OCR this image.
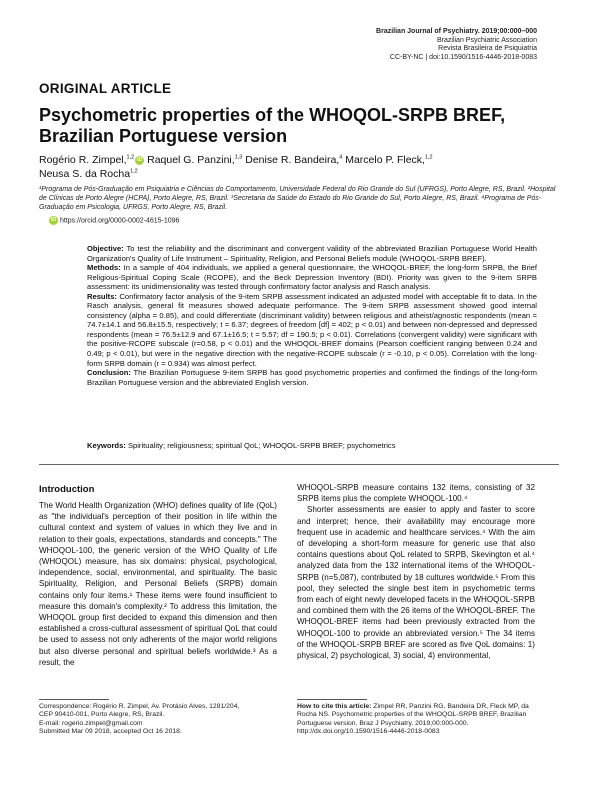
Brazilian Journal of Psychiatry. 2019;00:000–000
Brazilian Psychiatric Association
Revista Brasileira de Psiquiatria
CC-BY-NC | doi:10.1590/1516-4446-2018-0083
ORIGINAL ARTICLE
Psychometric properties of the WHOQOL-SRPB BREF, Brazilian Portuguese version
Rogério R. Zimpel,$^{1,2}$ iD Raquel G. Panzini,$^{1,3}$ Denise R. Bandeira,$^4$ Marcelo P. Fleck,$^{1,2}$
Neusa S. da Rocha$^{1,2}$
¹Programa de Pós-Graduação em Psiquiatria e Ciências do Comportamento, Universidade Federal do Rio Grande do Sul (UFRGS), Porto Alegre, RS, Brazil. ²Hospital de Clínicas de Porto Alegre (HCPA), Porto Alegre, RS, Brazil. ³Secretaria da Saúde do Estado do Rio Grande do Sul, Porto Alegre, RS, Brazil. ⁴Programa de Pós-Graduação em Psicologia, UFRGS, Porto Alegre, RS, Brazil.
iD https://orcid.org/0000-0002-4615-1096

Objective: To test the reliability and the discriminant and convergent validity of the abbreviated Brazilian Portuguese World Health Organization's Quality of Life Instrument – Spirituality, Religion, and Personal Beliefs module (WHOQOL-SRPB BREF).

Methods: In a sample of 404 individuals, we applied a general questionnaire, the WHOQOL-BREF, the long-form SRPB, the Brief Religious-Spiritual Coping Scale (RCOPE), and the Beck Depression Inventory (BDI). Priority was given to the 9-item SRPB assessment: its unidimensionality was tested through confirmatory factor analysis and Rasch analysis.

Results: Confirmatory factor analysis of the 9-item SRPB assessment indicated an adjusted model with acceptable fit to data. In the Rasch analysis, general fit measures showed adequate performance. The 9-item SRPB assessment showed good internal consistency (alpha = 0.85), and could differentiate (discriminant validity) between religious and atheist/agnostic respondents (mean = 74.7±14.1 and 56.8±15.5, respectively; t = 6.37; degrees of freedom [df] = 402; p < 0.01) and between non-depressed and depressed respondents (mean = 76.5±12.9 and 67.1±16.5; t = 5.57; df = 190.5; p < 0.01). Correlations (convergent validity) were significant with the positive-RCOPE subscale (r=0.58, p < 0.01) and the WHOQOL-BREF domains (Pearson coefficient ranging between 0.24 and 0.49; p < 0.01), but were in the negative direction with the negative-RCOPE subscale (r = -0.10, p < 0.05). Correlation with the long-form SRPB domain (r = 0.934) was almost perfect.

Conclusion: The Brazilian Portuguese 9-item SRPB has good psychometric properties and confirmed the findings of the long-form Brazilian Portuguese version and the abbreviated English version.

Keywords: Spirituality; religiousness; spiritual QoL; WHOQOL-SRPB BREF; psychometrics
Introduction

The World Health Organization (WHO) defines quality of life (QoL) as "the individual's perception of their position in life within the cultural context and system of values in which they live and in relation to their goals, expectations, standards and concepts." The WHOQOL-100, the generic version of the WHO Quality of Life (WHOQOL) measure, has six domains: physical, psychological, independence, social, environmental, and spirituality. The basic Spirituality, Religion, and Personal Beliefs (SRPB) domain contains only four items.¹ These items were found insufficient to measure this domain's complexity.² To address this limitation, the WHOQOL group first decided to expand this dimension and then established a cross-cultural assessment of spiritual QoL that could be used to assess not only adherents of the major world religions but also diverse personal and spiritual beliefs worldwide.³ As a result, the

WHOQOL-SRPB measure contains 132 items, consisting of 32 SRPB items plus the complete WHOQOL-100.⁴

Shorter assessments are easier to apply and faster to score and interpret; hence, their availability may encourage more frequent use in academic and healthcare services.⁴ With the aim of developing a short-form measure for generic use that also contains questions about QoL related to SRPB, Skevington et al.⁴ analyzed data from the 132 international items of the WHOQOL-SRPB (n=5,087), contributed by 18 cultures worldwide.⁵ From this pool, they selected the single best item in psychometric terms from each of eight newly developed facets in the WHOQOL-SRPB and combined them with the 26 items of the WHOQOL-BREF. The WHOQOL-BREF items had been previously extracted from the WHOQOL-100 to provide an abbreviated version.⁵ The 34 items of the WHOQOL-SRPB BREF are scored as five QoL domains: 1) physical, 2) psychological, 3) social, 4) environmental,

Correspondence: Rogério R. Zimpel, Av. Protásio Alves, 1281/204,
CEP 90410-001, Porto Alegre, RS, Brazil.
E-mail: rogerio.zimpel@gmail.com
Submitted Mar 09 2018, accepted Oct 16 2018.
How to cite this article: Zimpel RR, Panzini RG, Bandeira DR, Fleck MP, da Rocha NS. Psychometric properties of the WHOQOL-SRPB BREF, Brazilian Portuguese version. Braz J Psychiatry. 2019;00:000-000. http://dx.doi.org/10.1590/1516-4446-2018-0083
